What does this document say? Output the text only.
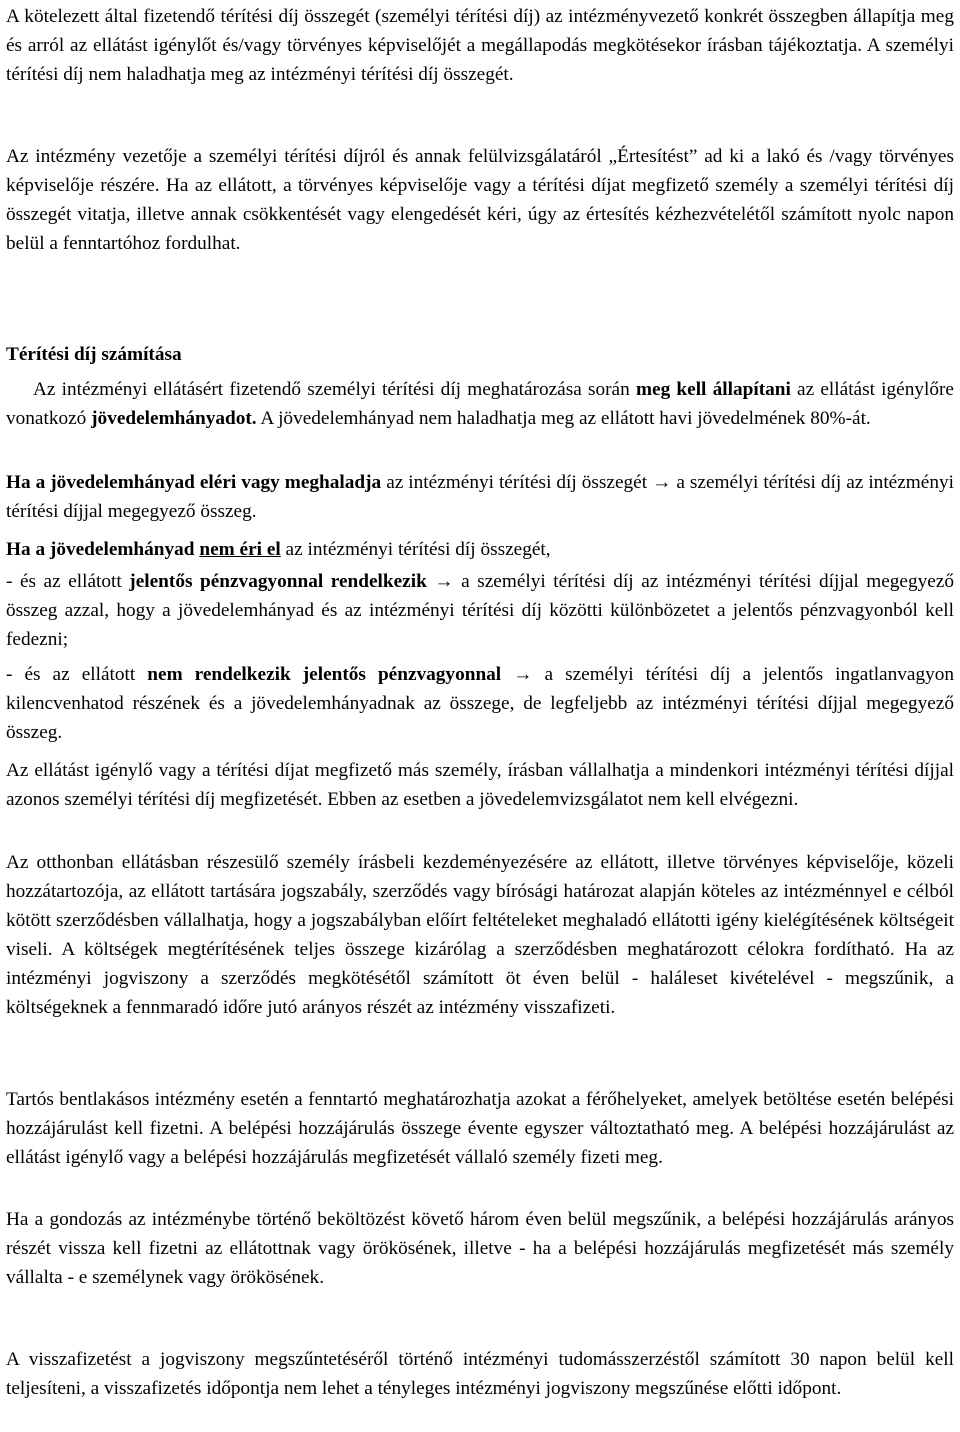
A kötelezett által fizetendő térítési díj összegét (személyi térítési díj) az intézményvezető konkrét összegben állapítja meg és arról az ellátást igénylőt és/vagy törvényes képviselőjét a megállapodás megkötésekor írásban tájékoztatja. A személyi térítési díj nem haladhatja meg az intézményi térítési díj összegét.

Az intézmény vezetője a személyi térítési díjról és annak felülvizsgálatáról „Értesítést” ad ki a lakó és /vagy törvényes képviselője részére. Ha az ellátott, a törvényes képviselője vagy a térítési díjat megfizető személy a személyi térítési díj összegét vitatja, illetve annak csökkentését vagy elengedését kéri, úgy az értesítés kézhezvételétől számított nyolc napon belül a fenntartóhoz fordulhat.

Térítési díj számítása

Az intézményi ellátásért fizetendő személyi térítési díj meghatározása során meg kell állapítani az ellátást igénylőre vonatkozó jövedelemhányadot. A jövedelemhányad nem haladhatja meg az ellátott havi jövedelmének 80%-át.

Ha a jövedelemhányad eléri vagy meghaladja az intézményi térítési díj összegét → a személyi térítési díj az intézményi térítési díjjal megegyező összeg.

Ha a jövedelemhányad nem éri el az intézményi térítési díj összegét,

- és az ellátott jelentős pénzvagyonnal rendelkezik → a személyi térítési díj az intézményi térítési díjjal megegyező összeg azzal, hogy a jövedelemhányad és az intézményi térítési díj közötti különbözetet a jelentős pénzvagyonból kell fedezni;

- és az ellátott nem rendelkezik jelentős pénzvagyonnal → a személyi térítési díj a jelentős ingatlanvagyon kilencvenhatod részének és a jövedelemhányadnak az összege, de legfeljebb az intézményi térítési díjjal megegyező összeg.

Az ellátást igénylő vagy a térítési díjat megfizető más személy, írásban vállalhatja a mindenkori intézményi térítési díjjal azonos személyi térítési díj megfizetését. Ebben az esetben a jövedelemvizsgálatot nem kell elvégezni.

Az otthonban ellátásban részesülő személy írásbeli kezdeményezésére az ellátott, illetve törvényes képviselője, közeli hozzátartozója, az ellátott tartására jogszabály, szerződés vagy bírósági határozat alapján köteles az intézménnyel e célból kötött szerződésben vállalhatja, hogy a jogszabályban előírt feltételeket meghaladó ellátotti igény kielégítésének költségeit viseli. A költségek megtérítésének teljes összege kizárólag a szerződésben meghatározott célokra fordítható. Ha az intézményi jogviszony a szerződés megkötésétől számított öt éven belül - haláleset kivételével - megszűnik, a költségeknek a fennmaradó időre jutó arányos részét az intézmény visszafizeti.

Tartós bentlakásos intézmény esetén a fenntartó meghatározhatja azokat a férőhelyeket, amelyek betöltése esetén belépési hozzájárulást kell fizetni. A belépési hozzájárulás összege évente egyszer változtatható meg. A belépési hozzájárulást az ellátást igénylő vagy a belépési hozzájárulás megfizetését vállaló személy fizeti meg.

Ha a gondozás az intézménybe történő beköltözést követő három éven belül megszűnik, a belépési hozzájárulás arányos részét vissza kell fizetni az ellátottnak vagy örökösének, illetve - ha a belépési hozzájárulás megfizetését más személy vállalta - e személynek vagy örökösének.

A visszafizetést a jogviszony megszűntetéséről történő intézményi tudomásszerzéstől számított 30 napon belül kell teljesíteni, a visszafizetés időpontja nem lehet a tényleges intézményi jogviszony megszűnése előtti időpont.
